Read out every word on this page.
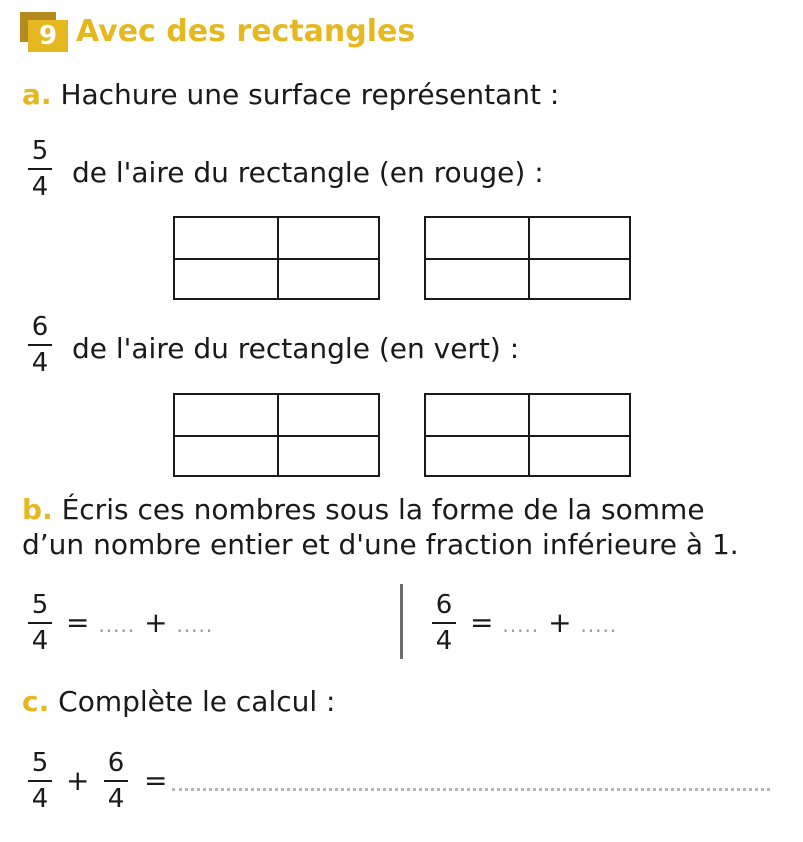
9 Avec des rectangles
a. Hachure une surface représentant :
5
4 de l'aire du rectangle (en rouge) :
6
4 de l'aire du rectangle (en vert) :
b. Écris ces nombres sous la forme de la somme
d’un nombre entier et d'une fraction inférieure à 1.
5
4
= ..... + .....
6
4
= ..... + .....
c. Complète le calcul :
5
4
+
6
4
=
